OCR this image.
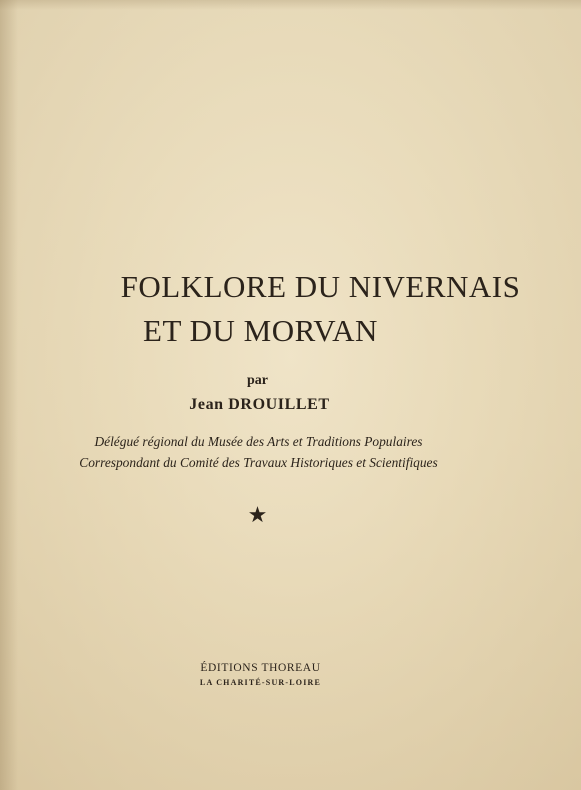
FOLKLORE DU NIVERNAIS
ET DU MORVAN
par
Jean DROUILLET
Délégué régional du Musée des Arts et Traditions Populaires
Correspondant du Comité des Travaux Historiques et Scientifiques
★
ÉDITIONS THOREAU
LA CHARITÉ-SUR-LOIRE
